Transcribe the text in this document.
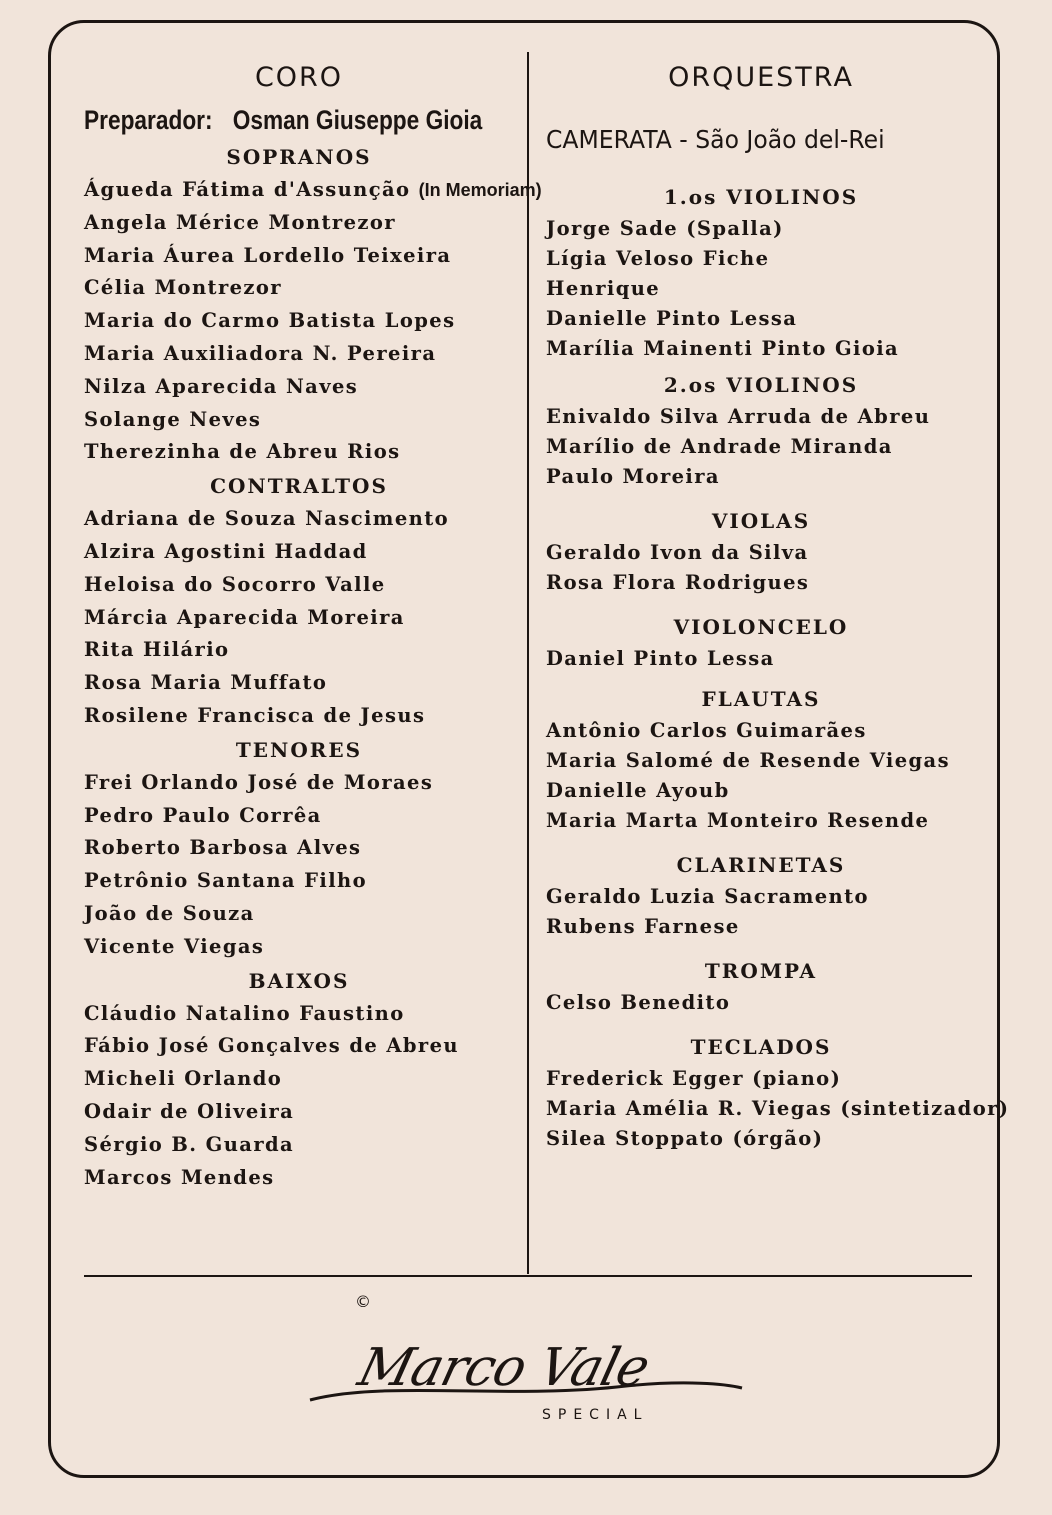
CORO
Preparador: Osman Giuseppe Gioia
SOPRANOS
Águeda Fátima d'Assunção (In Memoriam)
Angela Mérice Montrezor
Maria Áurea Lordello Teixeira
Célia Montrezor
Maria do Carmo Batista Lopes
Maria Auxiliadora N. Pereira
Nilza Aparecida Naves
Solange Neves
Therezinha de Abreu Rios
CONTRALTOS
Adriana de Souza Nascimento
Alzira Agostini Haddad
Heloisa do Socorro Valle
Márcia Aparecida Moreira
Rita Hilário
Rosa Maria Muffato
Rosilene Francisca de Jesus
TENORES
Frei Orlando José de Moraes
Pedro Paulo Corrêa
Roberto Barbosa Alves
Petrônio Santana Filho
João de Souza
Vicente Viegas
BAIXOS
Cláudio Natalino Faustino
Fábio José Gonçalves de Abreu
Micheli Orlando
Odair de Oliveira
Sérgio B. Guarda
Marcos Mendes
ORQUESTRA
CAMERATA - São João del-Rei
1.os VIOLINOS
Jorge Sade (Spalla)
Lígia Veloso Fiche
Henrique
Danielle Pinto Lessa
Marília Mainenti Pinto Gioia
2.os VIOLINOS
Enivaldo Silva Arruda de Abreu
Marílio de Andrade Miranda
Paulo Moreira
VIOLAS
Geraldo Ivon da Silva
Rosa Flora Rodrigues
VIOLONCELO
Daniel Pinto Lessa
FLAUTAS
Antônio Carlos Guimarães
Maria Salomé de Resende Viegas
Danielle Ayoub
Maria Marta Monteiro Resende
CLARINETAS
Geraldo Luzia Sacramento
Rubens Farnese
TROMPA
Celso Benedito
TECLADOS
Frederick Egger (piano)
Maria Amélia R. Viegas (sintetizador)
Silea Stoppato (órgão)
©
Marco Vale
SPECIAL
